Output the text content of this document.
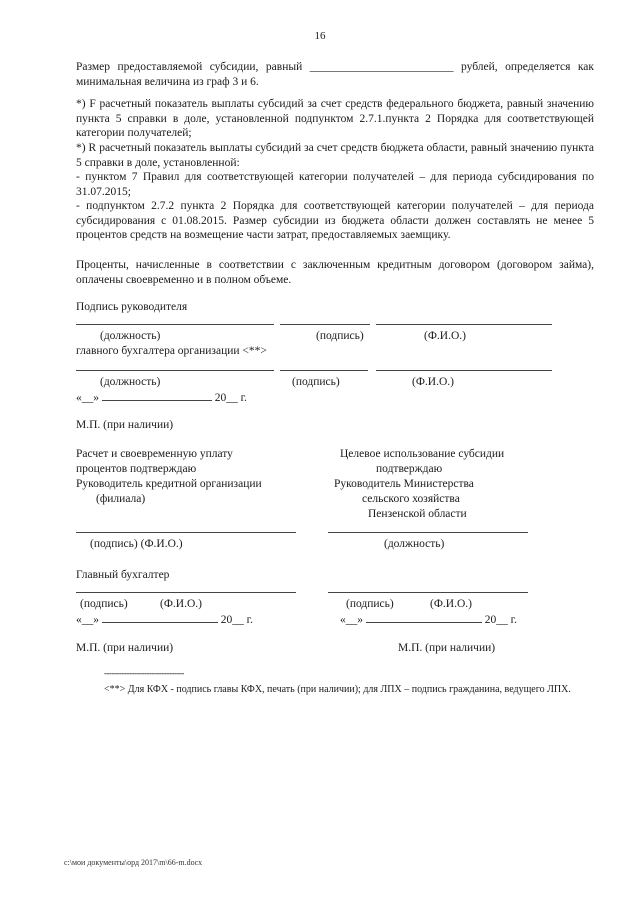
16

Размер предоставляемой субсидии, равный _________________________ рублей, определяется как минимальная величина из граф 3 и 6.

*) F расчетный показатель выплаты субсидий за счет средств федерального бюджета, равный значению пункта 5 справки в доле, установленной подпунктом 2.7.1.пункта 2 Порядка для соответствующей категории получателей;

*) R расчетный показатель выплаты субсидий за счет средств бюджета области, равный значению пункта 5 справки в доле, установленной:

- пунктом 7 Правил для соответствующей категории получателей – для периода субсидирования по 31.07.2015;

- подпунктом 2.7.2 пункта 2 Порядка для соответствующей категории получателей – для периода субсидирования с 01.08.2015. Размер субсидии из бюджета области должен составлять не менее 5 процентов средств на возмещение части затрат, предоставляемых заемщику.

Проценты, начисленные в соответствии с заключенным кредитным договором (договором займа), оплачены своевременно и в полном объеме.

Подпись руководителя
(должность)	(подпись)	(Ф.И.О.)
главного бухгалтера организации <**>
(должность)	(подпись)	(Ф.И.О.)
«__»	20__ г.
М.П. (при наличии)
Расчет и своевременную уплату
процентов подтверждаю
Руководитель кредитной организации
(филиала)
Целевое использование субсидии
подтверждаю
Руководитель Министерства
сельского хозяйства
Пензенской области
(подпись) (Ф.И.О.)	(должность)
Главный бухгалтер
(подпись)	(Ф.И.О.)	(подпись)	(Ф.И.О.)
«__»	20__ г.	«__»	20__ г.
М.П. (при наличии)	М.П. (при наличии)
--------------------------------
<**> Для КФХ - подпись главы КФХ, печать (при наличии); для ЛПХ – подпись гражданина, ведущего ЛПХ.
c:\мои документы\орд 2017\m\66-m.docx
